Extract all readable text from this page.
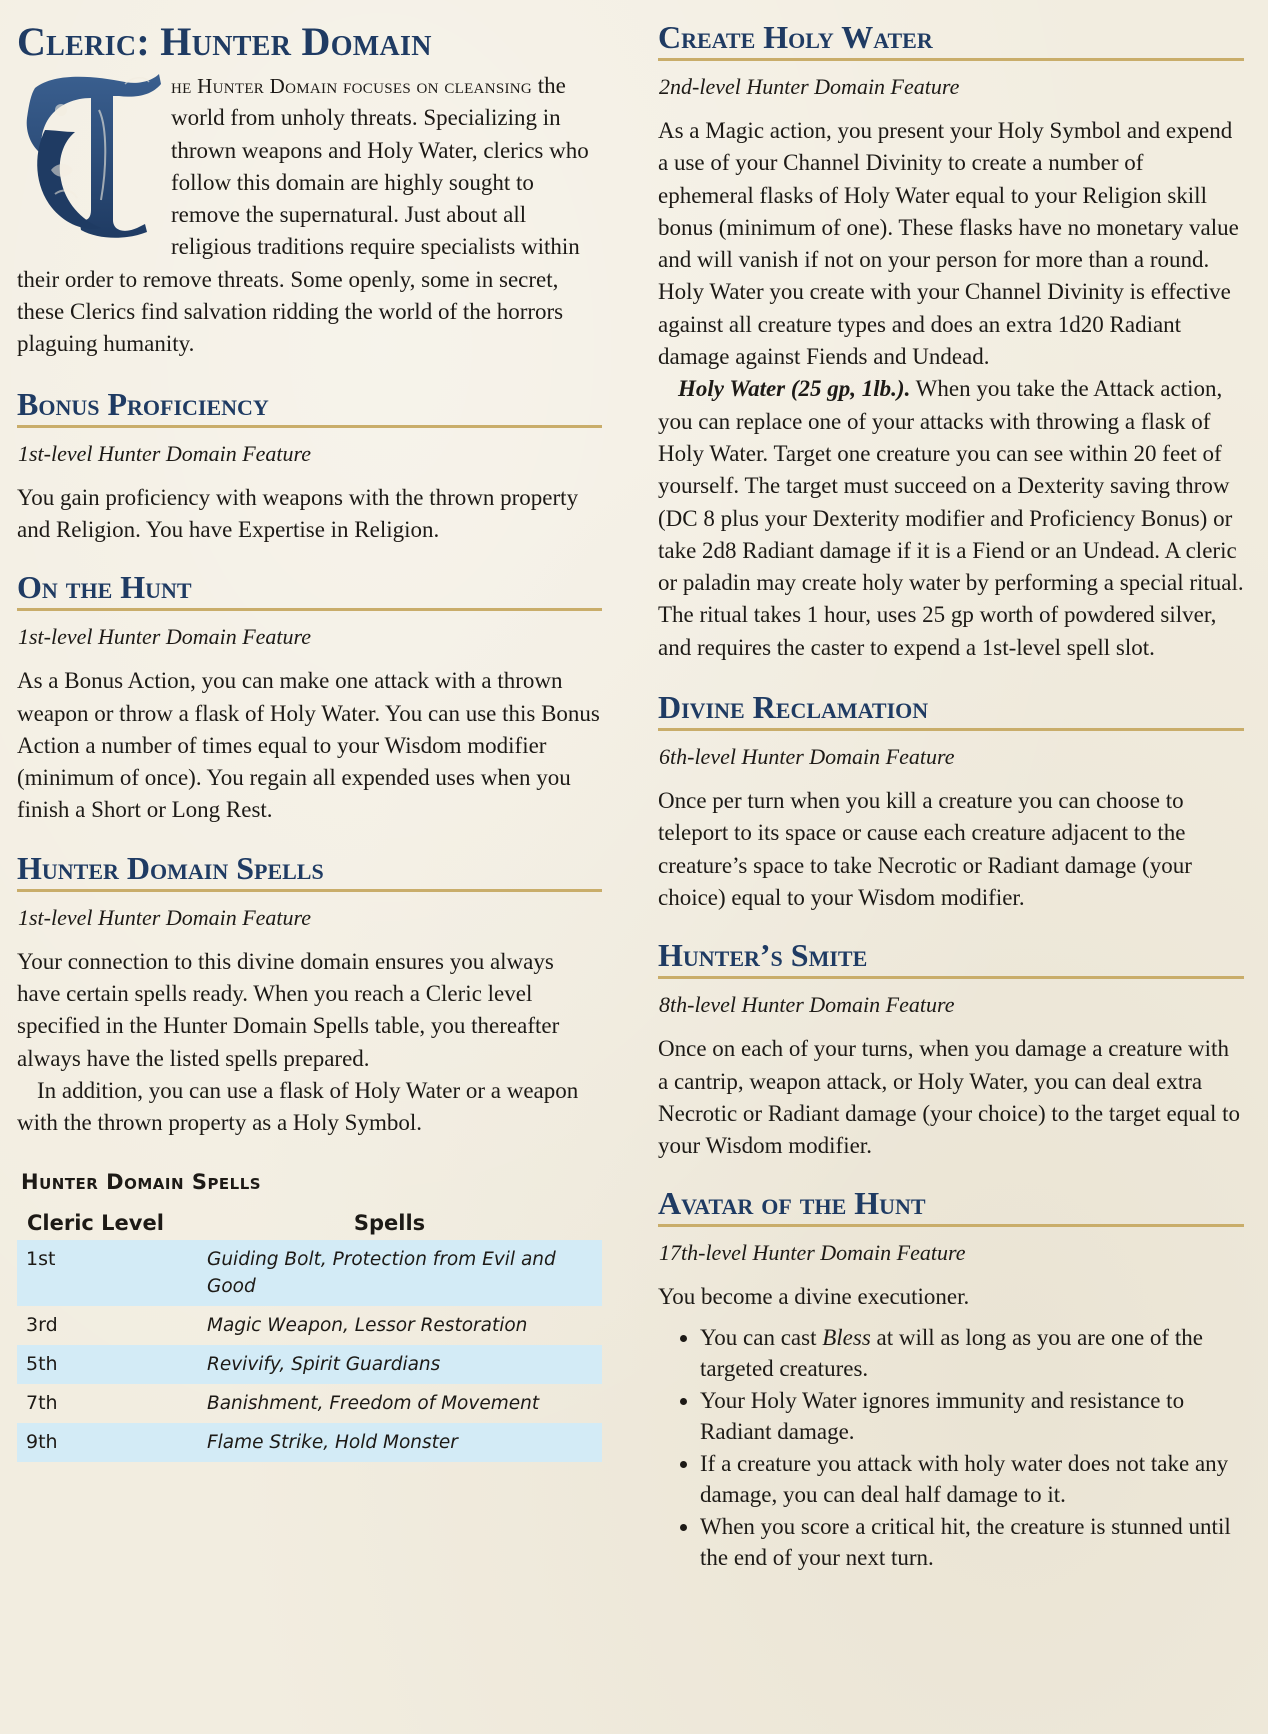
Cleric: Hunter Domain

he Hunter Domain focuses on cleansing the world from unholy threats. Specializing in thrown weapons and Holy Water, clerics who follow this domain are highly sought to remove the supernatural. Just about all religious traditions require specialists within their order to remove threats. Some openly, some in secret, these Clerics find salvation ridding the world of the horrors plaguing humanity.

Bonus Proficiency
1st-level Hunter Domain Feature

You gain proficiency with weapons with the thrown property and Religion. You have Expertise in Religion.

On the Hunt
1st-level Hunter Domain Feature

As a Bonus Action, you can make one attack with a thrown weapon or throw a flask of Holy Water. You can use this Bonus Action a number of times equal to your Wisdom modifier (minimum of once). You regain all expended uses when you finish a Short or Long Rest.

Hunter Domain Spells
1st-level Hunter Domain Feature

Your connection to this divine domain ensures you always have certain spells ready. When you reach a Cleric level specified in the Hunter Domain Spells table, you thereafter always have the listed spells prepared.

In addition, you can use a flask of Holy Water or a weapon with the thrown property as a Holy Symbol.

Hunter Domain Spells
Cleric Level	Spells
1st	Guiding Bolt, Protection from Evil and Good
3rd	Magic Weapon, Lessor Restoration
5th	Revivify, Spirit Guardians
7th	Banishment, Freedom of Movement
9th	Flame Strike, Hold Monster
Create Holy Water
2nd-level Hunter Domain Feature

As a Magic action, you present your Holy Symbol and expend a use of your Channel Divinity to create a number of ephemeral flasks of Holy Water equal to your Religion skill bonus (minimum of one). These flasks have no monetary value and will vanish if not on your person for more than a round. Holy Water you create with your Channel Divinity is effective against all creature types and does an extra 1d20 Radiant damage against Fiends and Undead.

Holy Water (25 gp, 1lb.). When you take the Attack action, you can replace one of your attacks with throwing a flask of Holy Water. Target one creature you can see within 20 feet of yourself. The target must succeed on a Dexterity saving throw (DC 8 plus your Dexterity modifier and Proficiency Bonus) or take 2d8 Radiant damage if it is a Fiend or an Undead. A cleric or paladin may create holy water by performing a special ritual. The ritual takes 1 hour, uses 25 gp worth of powdered silver, and requires the caster to expend a 1st-level spell slot.

Divine Reclamation
6th-level Hunter Domain Feature

Once per turn when you kill a creature you can choose to teleport to its space or cause each creature adjacent to the creature’s space to take Necrotic or Radiant damage (your choice) equal to your Wisdom modifier.

Hunter’s Smite
8th-level Hunter Domain Feature

Once on each of your turns, when you damage a creature with a cantrip, weapon attack, or Holy Water, you can deal extra Necrotic or Radiant damage (your choice) to the target equal to your Wisdom modifier.

Avatar of the Hunt
17th-level Hunter Domain Feature

You become a divine executioner.

• You can cast Bless at will as long as you are one of the targeted creatures.
• Your Holy Water ignores immunity and resistance to Radiant damage.
• If a creature you attack with holy water does not take any damage, you can deal half damage to it.
• When you score a critical hit, the creature is stunned until the end of your next turn.
